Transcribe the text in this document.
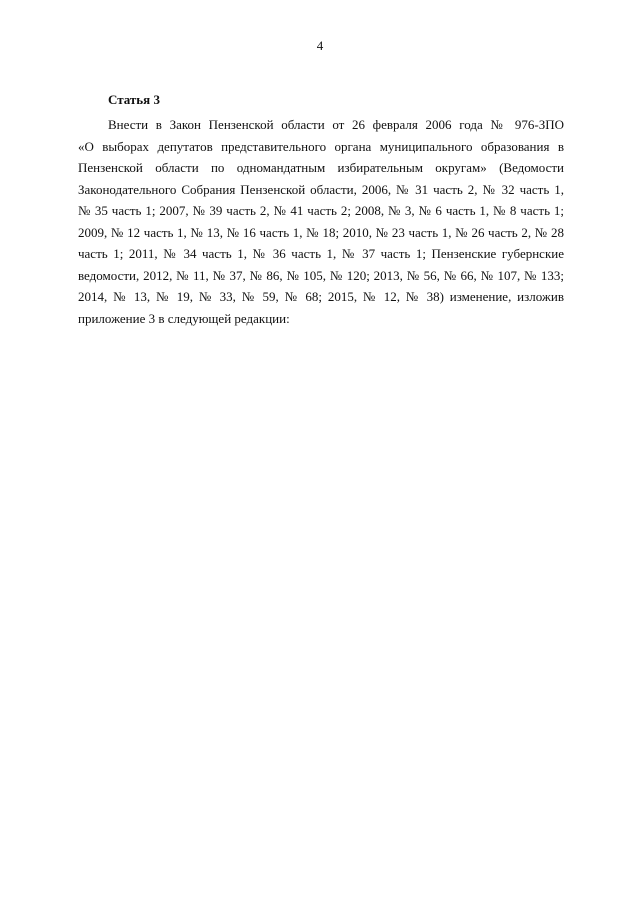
4
Статья 3
Внести в Закон Пензенской области от 26 февраля 2006 года № 976-ЗПО
«О выборах депутатов представительного органа муниципального образования в
Пензенской области по одномандатным избирательным округам» (Ведомости
Законодательного Собрания Пензенской области, 2006, № 31 часть 2, № 32 часть 1,
№ 35 часть 1; 2007, № 39 часть 2, № 41 часть 2; 2008, № 3, № 6 часть 1, № 8 часть 1;
2009, № 12 часть 1, № 13, № 16 часть 1, № 18; 2010, № 23 часть 1, № 26 часть 2, № 28
часть 1; 2011, № 34 часть 1, № 36 часть 1, № 37 часть 1; Пензенские губернские
ведомости, 2012, № 11, № 37, № 86, № 105, № 120; 2013, № 56, № 66, № 107, № 133;
2014, № 13, № 19, № 33, № 59, № 68; 2015, № 12, № 38) изменение, изложив
приложение 3 в следующей редакции:
